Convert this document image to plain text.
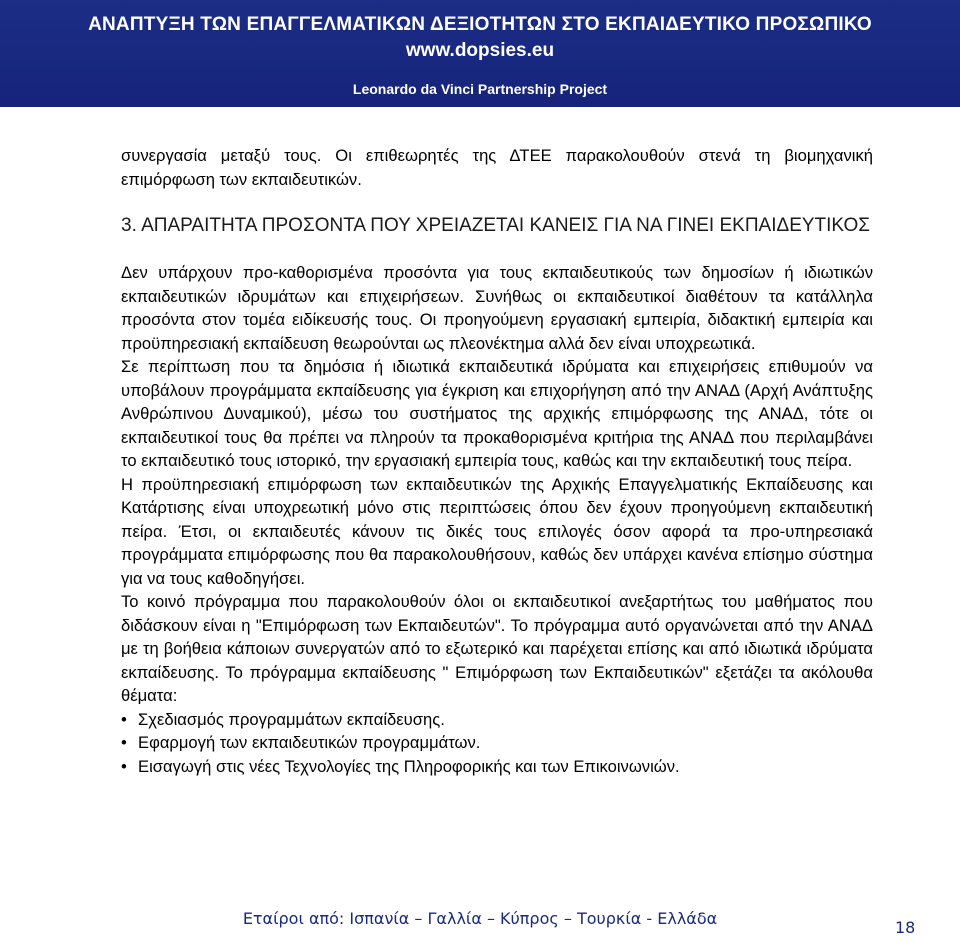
ΑΝΑΠΤΥΞΗ ΤΩΝ ΕΠΑΓΓΕΛΜΑΤΙΚΩΝ ΔΕΞΙΟΤΗΤΩΝ ΣΤΟ ΕΚΠΑΙΔΕΥΤΙΚΟ ΠΡΟΣΩΠΙΚΟ
www.dopsies.eu
Leonardo da Vinci Partnership Project

συνεργασία μεταξύ τους. Οι επιθεωρητές της ΔΤΕΕ παρακολουθούν στενά τη βιομηχανική επιμόρφωση των εκπαιδευτικών.

3. ΑΠΑΡΑΙΤΗΤΑ ΠΡΟΣΟΝΤΑ ΠΟΥ ΧΡΕΙΑΖΕΤΑΙ ΚΑΝΕΙΣ ΓΙΑ ΝΑ ΓΙΝΕΙ ΕΚΠΑΙΔΕΥΤΙΚΟΣ

Δεν υπάρχουν προ-καθορισμένα προσόντα για τους εκπαιδευτικούς των δημοσίων ή ιδιωτικών εκπαιδευτικών ιδρυμάτων και επιχειρήσεων. Συνήθως οι εκπαιδευτικοί διαθέτουν τα κατάλληλα προσόντα στον τομέα ειδίκευσής τους. Οι προηγούμενη εργασιακή εμπειρία, διδακτική εμπειρία και προϋπηρεσιακή εκπαίδευση θεωρούνται ως πλεονέκτημα αλλά δεν είναι υποχρεωτικά.

Σε περίπτωση που τα δημόσια ή ιδιωτικά εκπαιδευτικά ιδρύματα και επιχειρήσεις επιθυμούν να υποβάλουν προγράμματα εκπαίδευσης για έγκριση και επιχορήγηση από την ΑΝΑΔ (Αρχή Ανάπτυξης Ανθρώπινου Δυναμικού), μέσω του συστήματος της αρχικής επιμόρφωσης της ΑΝΑΔ, τότε οι εκπαιδευτικοί τους θα πρέπει να πληρούν τα προκαθορισμένα κριτήρια της ΑΝΑΔ που περιλαμβάνει το εκπαιδευτικό τους ιστορικό, την εργασιακή εμπειρία τους, καθώς και την εκπαιδευτική τους πείρα.

Η προϋπηρεσιακή επιμόρφωση των εκπαιδευτικών της Αρχικής Επαγγελματικής Εκπαίδευσης και Κατάρτισης είναι υποχρεωτική μόνο στις περιπτώσεις όπου δεν έχουν προηγούμενη εκπαιδευτική πείρα. Έτσι, οι εκπαιδευτές κάνουν τις δικές τους επιλογές όσον αφορά τα προ-υπηρεσιακά προγράμματα επιμόρφωσης που θα παρακολουθήσουν, καθώς δεν υπάρχει κανένα επίσημο σύστημα για να τους καθοδηγήσει.

Το κοινό πρόγραμμα που παρακολουθούν όλοι οι εκπαιδευτικοί ανεξαρτήτως του μαθήματος που διδάσκουν είναι η "Επιμόρφωση των Εκπαιδευτών". Το πρόγραμμα αυτό οργανώνεται από την ΑΝΑΔ με τη βοήθεια κάποιων συνεργατών από το εξωτερικό και παρέχεται επίσης και από ιδιωτικά ιδρύματα εκπαίδευσης. Το πρόγραμμα εκπαίδευσης " Επιμόρφωση των Εκπαιδευτικών" εξετάζει τα ακόλουθα θέματα:

• Σχεδιασμός προγραμμάτων εκπαίδευσης.
• Εφαρμογή των εκπαιδευτικών προγραμμάτων.
• Εισαγωγή στις νέες Τεχνολογίες της Πληροφορικής και των Επικοινωνιών.
Εταίροι από: Ισπανία – Γαλλία – Κύπρος – Τουρκία - Ελλάδα	18
